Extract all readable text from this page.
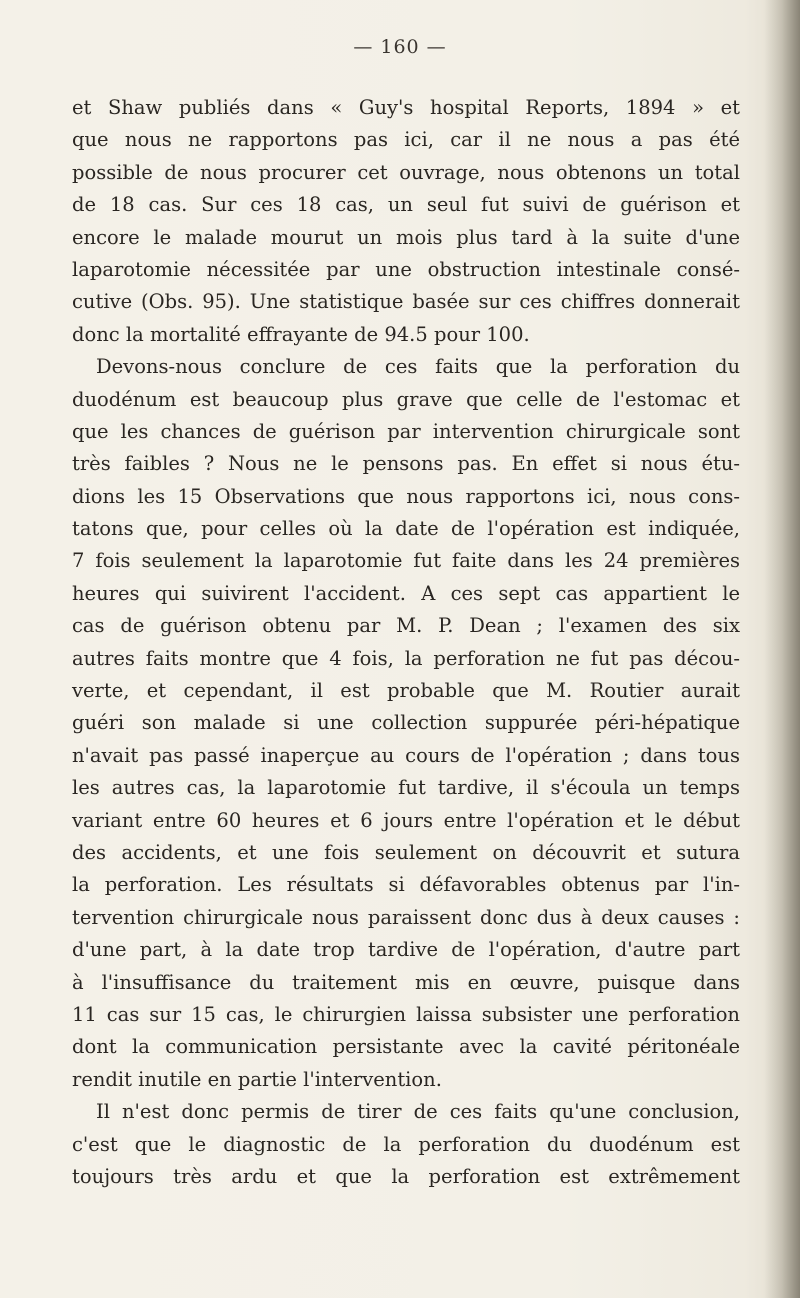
— 160 —
et Shaw publiés dans « Guy's hospital Reports, 1894 » et
que nous ne rapportons pas ici, car il ne nous a pas été
possible de nous procurer cet ouvrage, nous obtenons un total
de 18 cas. Sur ces 18 cas, un seul fut suivi de guérison et
encore le malade mourut un mois plus tard à la suite d'une
laparotomie nécessitée par une obstruction intestinale consé-
cutive (Obs. 95). Une statistique basée sur ces chiffres donnerait
donc la mortalité effrayante de 94.5 pour 100.
Devons-nous conclure de ces faits que la perforation du
duodénum est beaucoup plus grave que celle de l'estomac et
que les chances de guérison par intervention chirurgicale sont
très faibles ? Nous ne le pensons pas. En effet si nous étu-
dions les 15 Observations que nous rapportons ici, nous cons-
tatons que, pour celles où la date de l'opération est indiquée,
7 fois seulement la laparotomie fut faite dans les 24 premières
heures qui suivirent l'accident. A ces sept cas appartient le
cas de guérison obtenu par M. P. Dean ; l'examen des six
autres faits montre que 4 fois, la perforation ne fut pas décou-
verte, et cependant, il est probable que M. Routier aurait
guéri son malade si une collection suppurée péri-hépatique
n'avait pas passé inaperçue au cours de l'opération ; dans tous
les autres cas, la laparotomie fut tardive, il s'écoula un temps
variant entre 60 heures et 6 jours entre l'opération et le début
des accidents, et une fois seulement on découvrit et sutura
la perforation. Les résultats si défavorables obtenus par l'in-
tervention chirurgicale nous paraissent donc dus à deux causes :
d'une part, à la date trop tardive de l'opération, d'autre part
à l'insuffisance du traitement mis en œuvre, puisque dans
11 cas sur 15 cas, le chirurgien laissa subsister une perforation
dont la communication persistante avec la cavité péritonéale
rendit inutile en partie l'intervention.
Il n'est donc permis de tirer de ces faits qu'une conclusion,
c'est que le diagnostic de la perforation du duodénum est
toujours très ardu et que la perforation est extrêmement
